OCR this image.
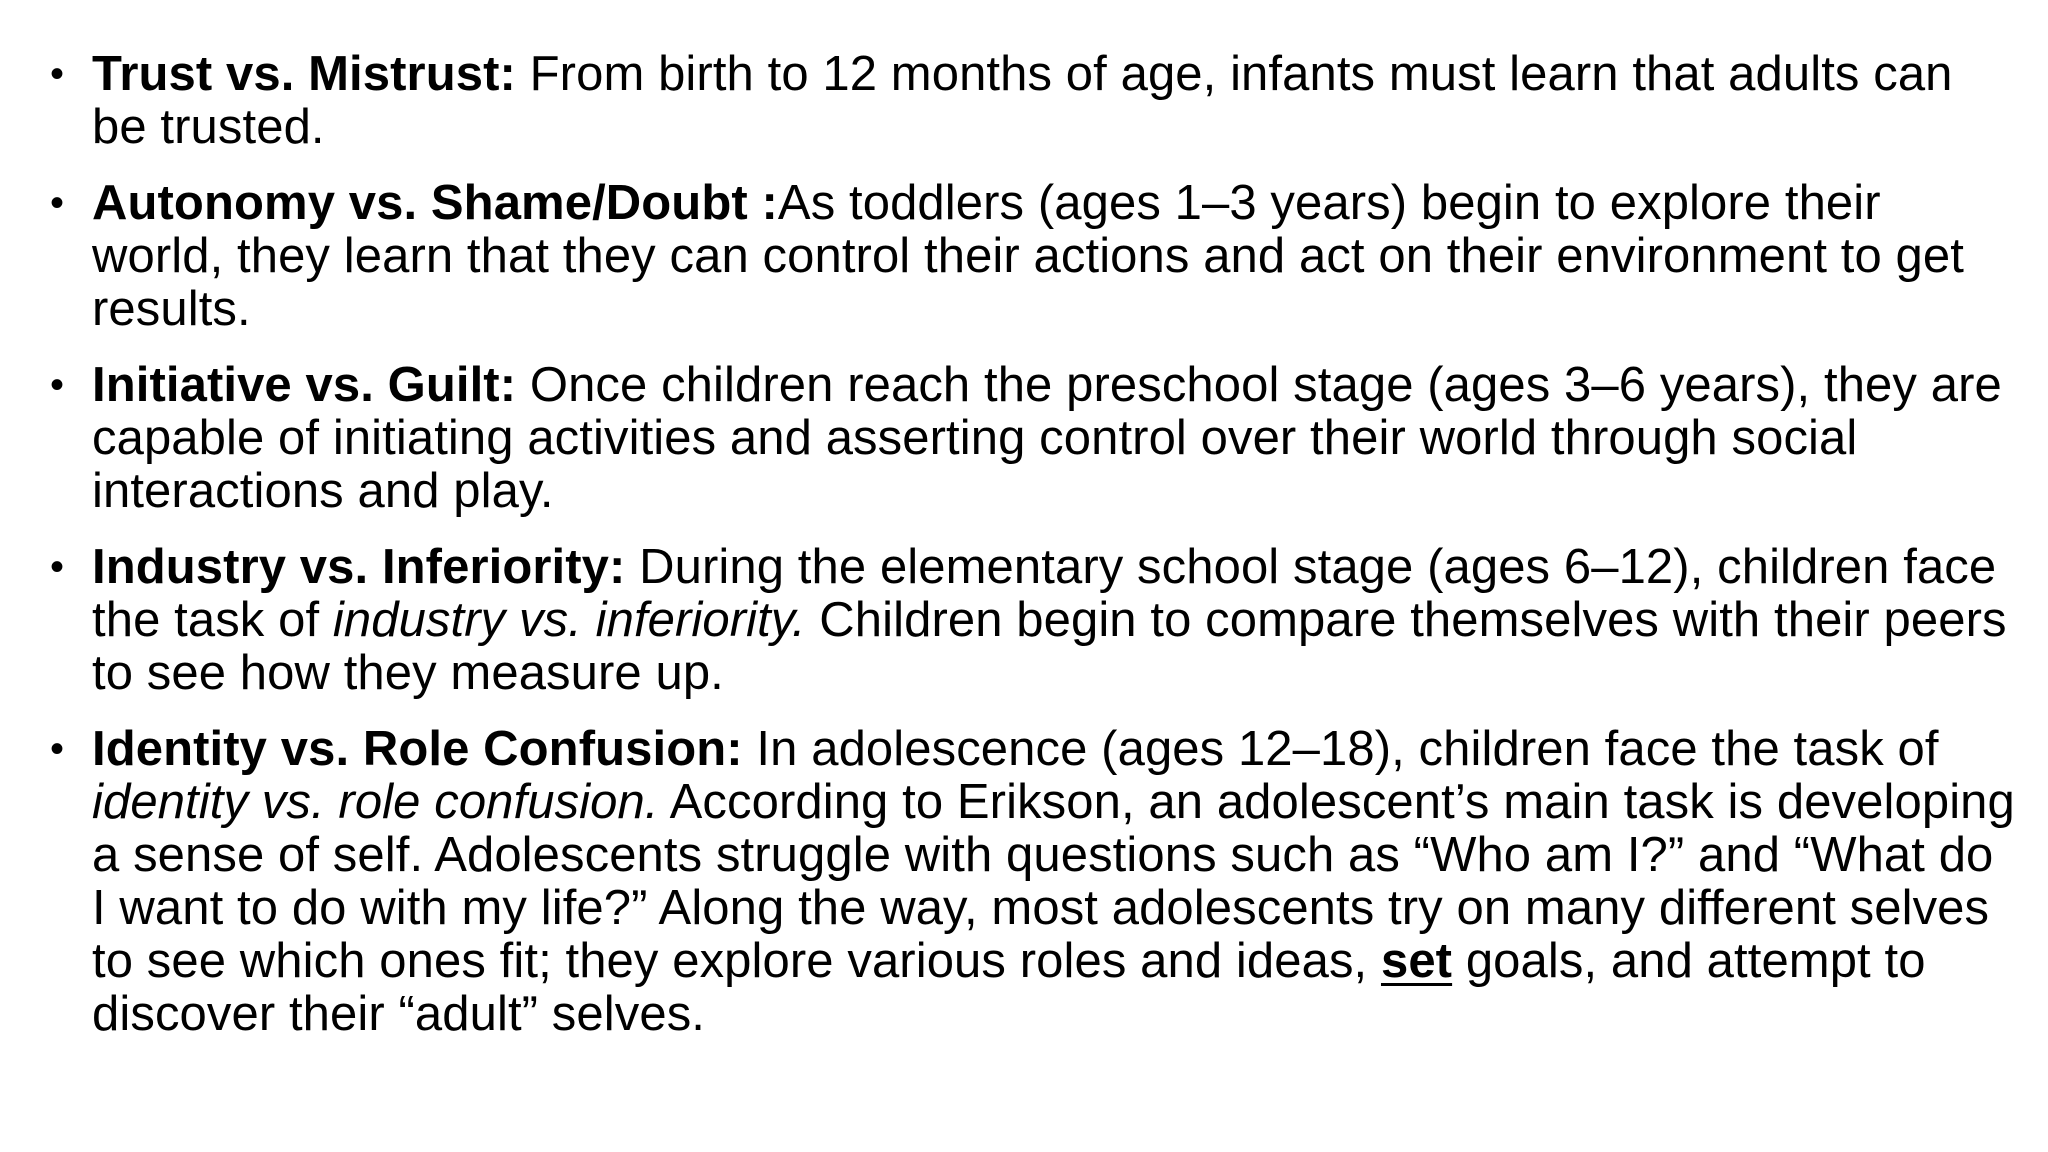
• Trust vs. Mistrust: From birth to 12 months of age, infants must learn that adults can be trusted.
• Autonomy vs. Shame/Doubt :As toddlers (ages 1–3 years) begin to explore their world, they learn that they can control their actions and act on their environment to get results.
• Initiative vs. Guilt: Once children reach the preschool stage (ages 3–6 years), they are capable of initiating activities and asserting control over their world through social interactions and play.
• Industry vs. Inferiority: During the elementary school stage (ages 6–12), children face the task of industry vs. inferiority. Children begin to compare themselves with their peers to see how they measure up.
• Identity vs. Role Confusion: In adolescence (ages 12–18), children face the task of identity vs. role confusion. According to Erikson, an adolescent’s main task is developing a sense of self. Adolescents struggle with questions such as “Who am I?” and “What do I want to do with my life?” Along the way, most adolescents try on many different selves to see which ones fit; they explore various roles and ideas, set goals, and attempt to discover their “adult” selves.
